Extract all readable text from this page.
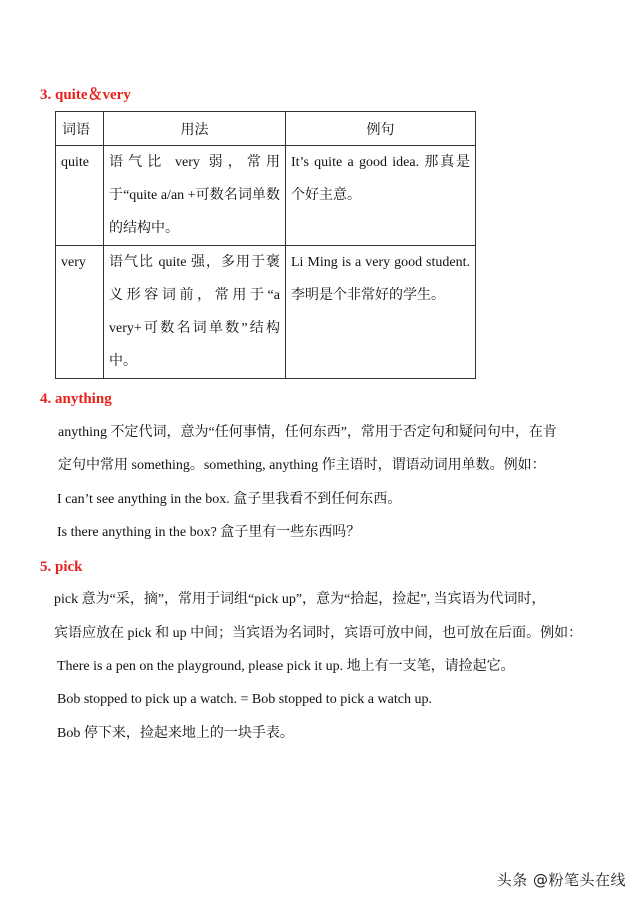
3. quite＆very
词语	用法	例句
quite	语气比 very 弱，常用于“quite a/an +可数名词单数的结构中。	It’s quite a good idea. 那真是个好主意。
very	语气比 quite 强，多用于褒义形容词前，常用于“a very+可数名词单数”结构中。	Li Ming is a very good student. 李明是个非常好的学生。
4. anything
anything 不定代词，意为“任何事情，任何东西”，常用于否定句和疑问句中，在肯
定句中常用 something。something, anything 作主语时，谓语动词用单数。例如：
I can’t see anything in the box. 盒子里我看不到任何东西。
Is there anything in the box? 盒子里有一些东西吗？
5. pick
pick 意为“采，摘”，常用于词组“pick up”，意为“拾起，捡起”, 当宾语为代词时，
宾语应放在 pick 和 up 中间；当宾语为名词时，宾语可放中间，也可放在后面。例如：
There is a pen on the playground, please pick it up. 地上有一支笔，请捡起它。
Bob stopped to pick up a watch. = Bob stopped to pick a watch up.
Bob 停下来，捡起来地上的一块手表。
头条 @粉笔头在线
